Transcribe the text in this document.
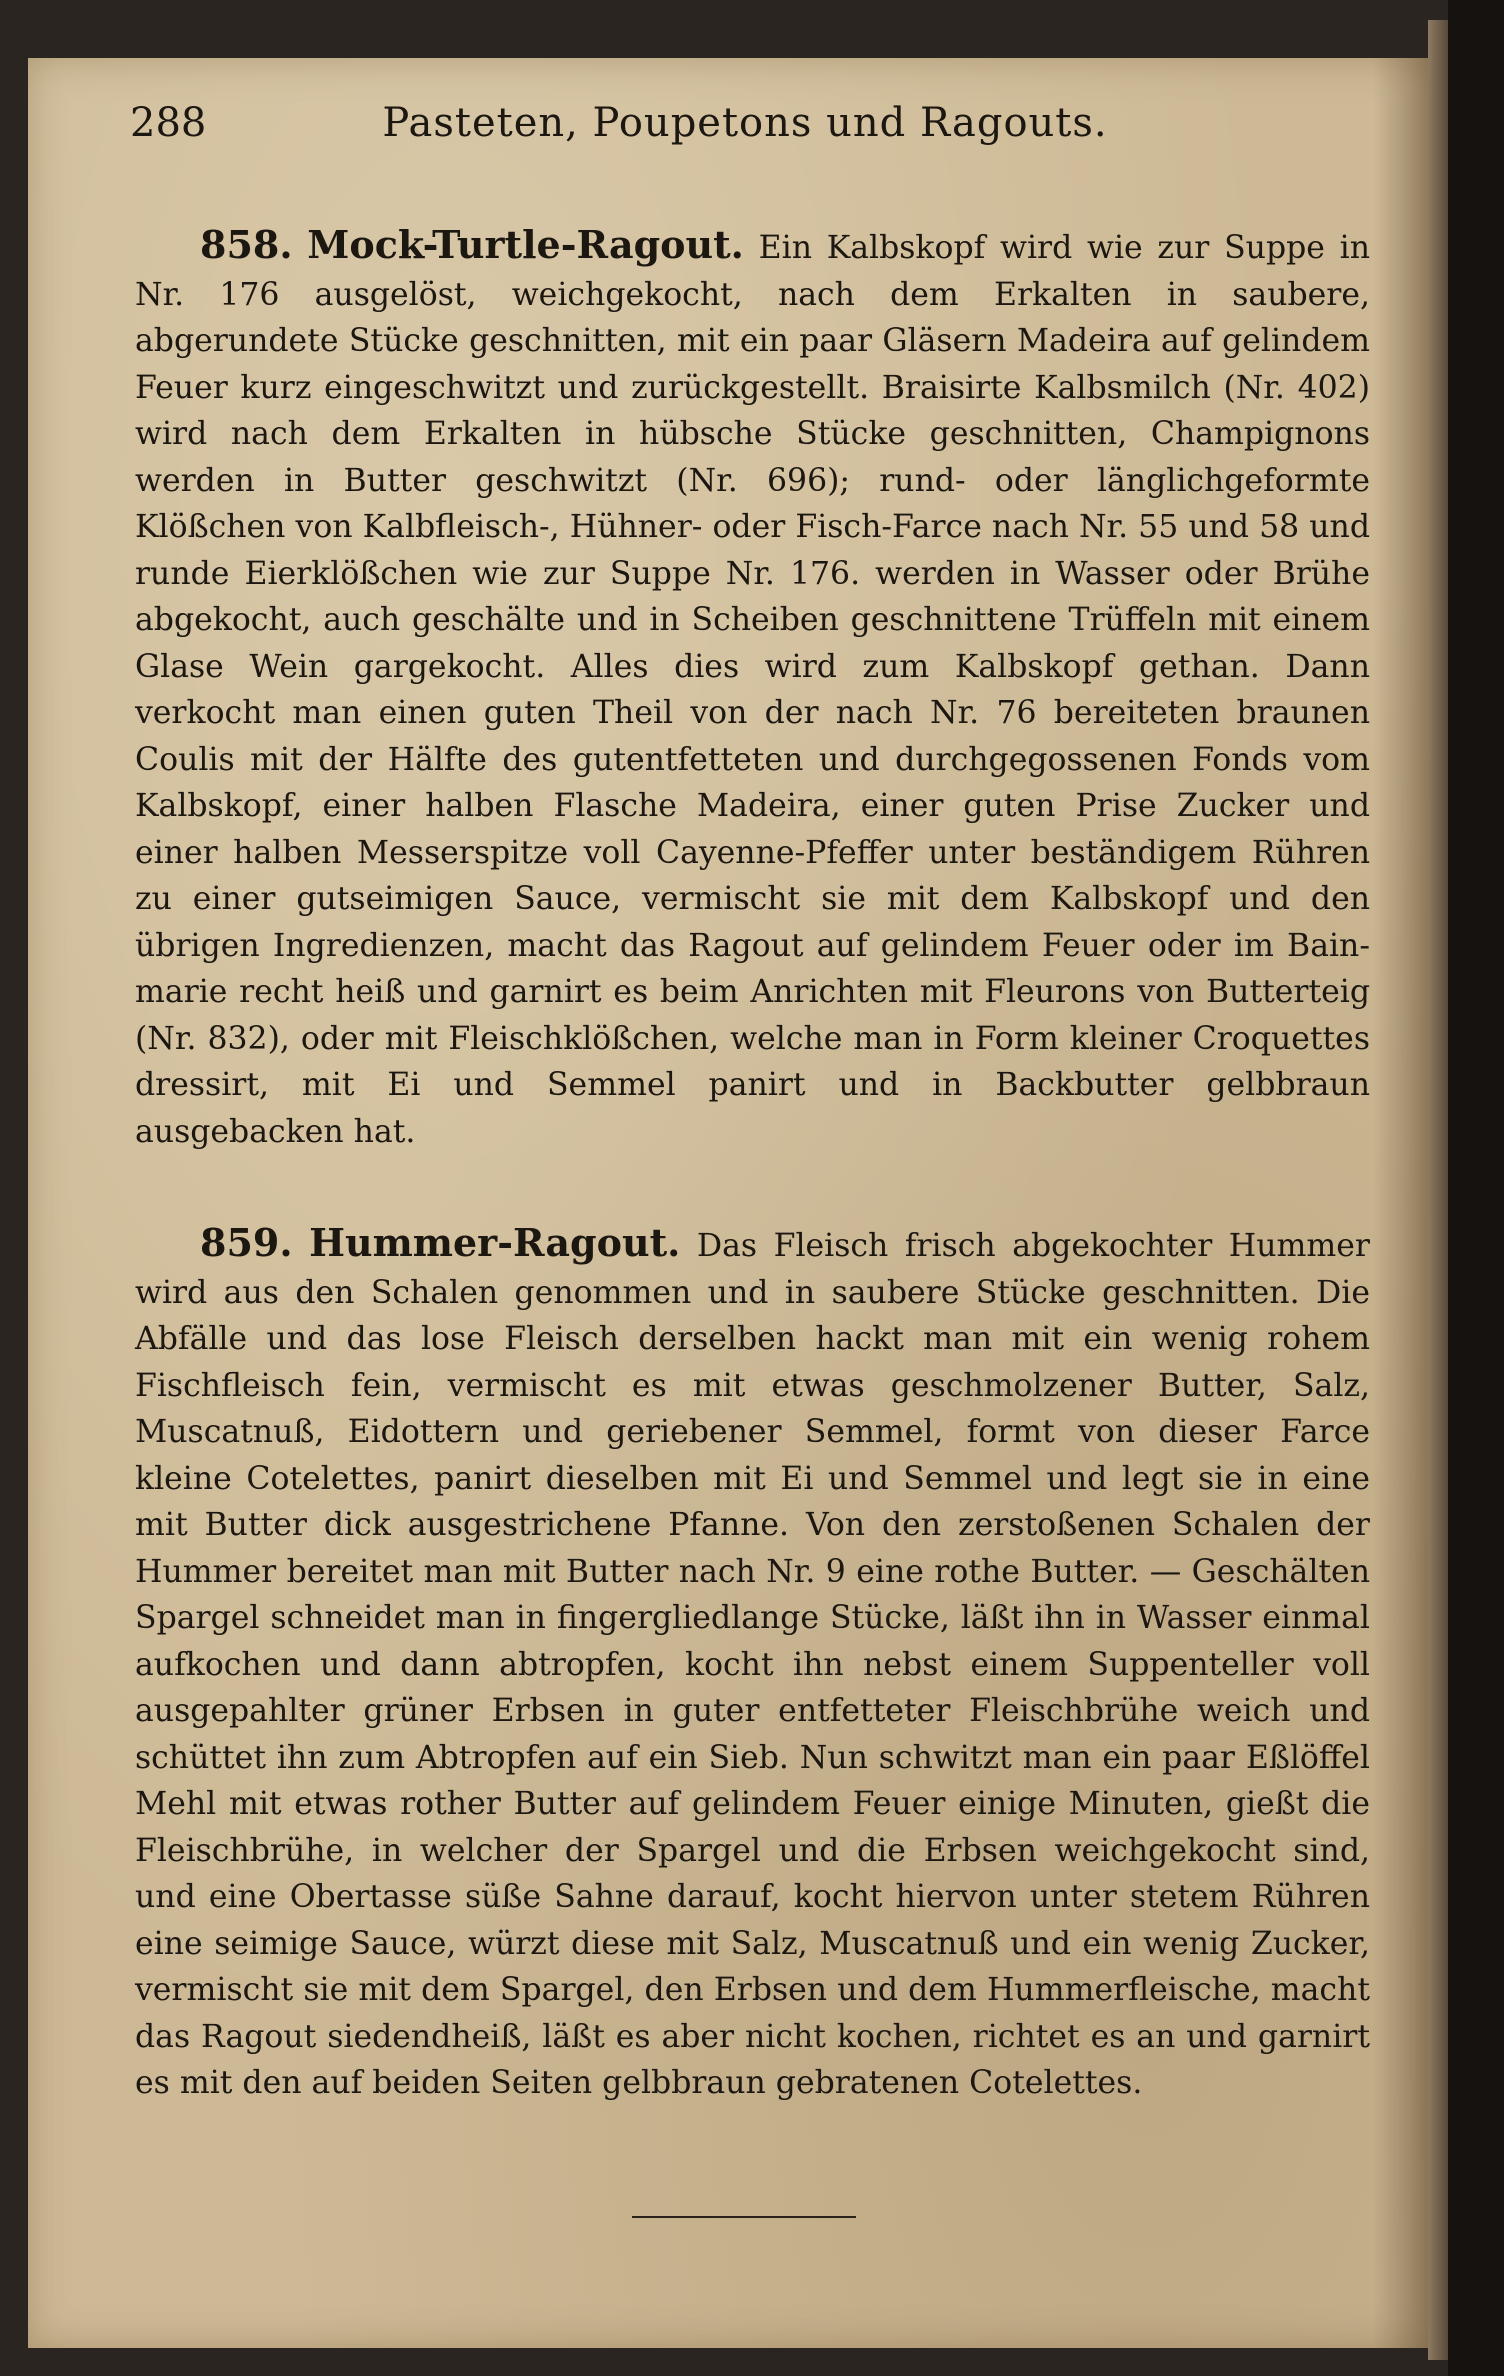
288	Pasteten, Poupetons und Ragouts.

858. Mock-Turtle-Ragout. Ein Kalbskopf wird wie zur Suppe in Nr. 176 ausgelöst, weichgekocht, nach dem Erkalten in saubere, abgerundete Stücke geschnitten, mit ein paar Gläsern Madeira auf gelindem Feuer kurz eingeschwitzt und zurückgestellt. Braisirte Kalbsmilch (Nr. 402) wird nach dem Erkalten in hübsche Stücke geschnitten, Champignons werden in Butter geschwitzt (Nr. 696); rund- oder länglichgeformte Klößchen von Kalbfleisch-, Hühner- oder Fisch-Farce nach Nr. 55 und 58 und runde Eierklößchen wie zur Suppe Nr. 176. werden in Wasser oder Brühe abgekocht, auch geschälte und in Scheiben geschnittene Trüffeln mit einem Glase Wein gargekocht. Alles dies wird zum Kalbskopf gethan. Dann verkocht man einen guten Theil von der nach Nr. 76 bereiteten braunen Coulis mit der Hälfte des gutentfetteten und durchgegossenen Fonds vom Kalbskopf, einer halben Flasche Madeira, einer guten Prise Zucker und einer halben Messerspitze voll Cayenne-Pfeffer unter beständigem Rühren zu einer gutseimigen Sauce, vermischt sie mit dem Kalbskopf und den übrigen Ingredienzen, macht das Ragout auf gelindem Feuer oder im Bain-marie recht heiß und garnirt es beim Anrichten mit Fleurons von Butterteig (Nr. 832), oder mit Fleischklößchen, welche man in Form kleiner Croquettes dressirt, mit Ei und Semmel panirt und in Backbutter gelbbraun ausgebacken hat.

859. Hummer-Ragout. Das Fleisch frisch abgekochter Hummer wird aus den Schalen genommen und in saubere Stücke geschnitten. Die Abfälle und das lose Fleisch derselben hackt man mit ein wenig rohem Fischfleisch fein, vermischt es mit etwas geschmolzener Butter, Salz, Muscatnuß, Eidottern und geriebener Semmel, formt von dieser Farce kleine Cotelettes, panirt dieselben mit Ei und Semmel und legt sie in eine mit Butter dick ausgestrichene Pfanne. Von den zerstoßenen Schalen der Hummer bereitet man mit Butter nach Nr. 9 eine rothe Butter. — Geschälten Spargel schneidet man in fingergliedlange Stücke, läßt ihn in Wasser einmal aufkochen und dann abtropfen, kocht ihn nebst einem Suppenteller voll ausgepahlter grüner Erbsen in guter entfetteter Fleischbrühe weich und schüttet ihn zum Abtropfen auf ein Sieb. Nun schwitzt man ein paar Eßlöffel Mehl mit etwas rother Butter auf gelindem Feuer einige Minuten, gießt die Fleischbrühe, in welcher der Spargel und die Erbsen weichgekocht sind, und eine Obertasse süße Sahne darauf, kocht hiervon unter stetem Rühren eine seimige Sauce, würzt diese mit Salz, Muscatnuß und ein wenig Zucker, vermischt sie mit dem Spargel, den Erbsen und dem Hummerfleische, macht das Ragout siedendheiß, läßt es aber nicht kochen, richtet es an und garnirt es mit den auf beiden Seiten gelbbraun gebratenen Cotelettes.
